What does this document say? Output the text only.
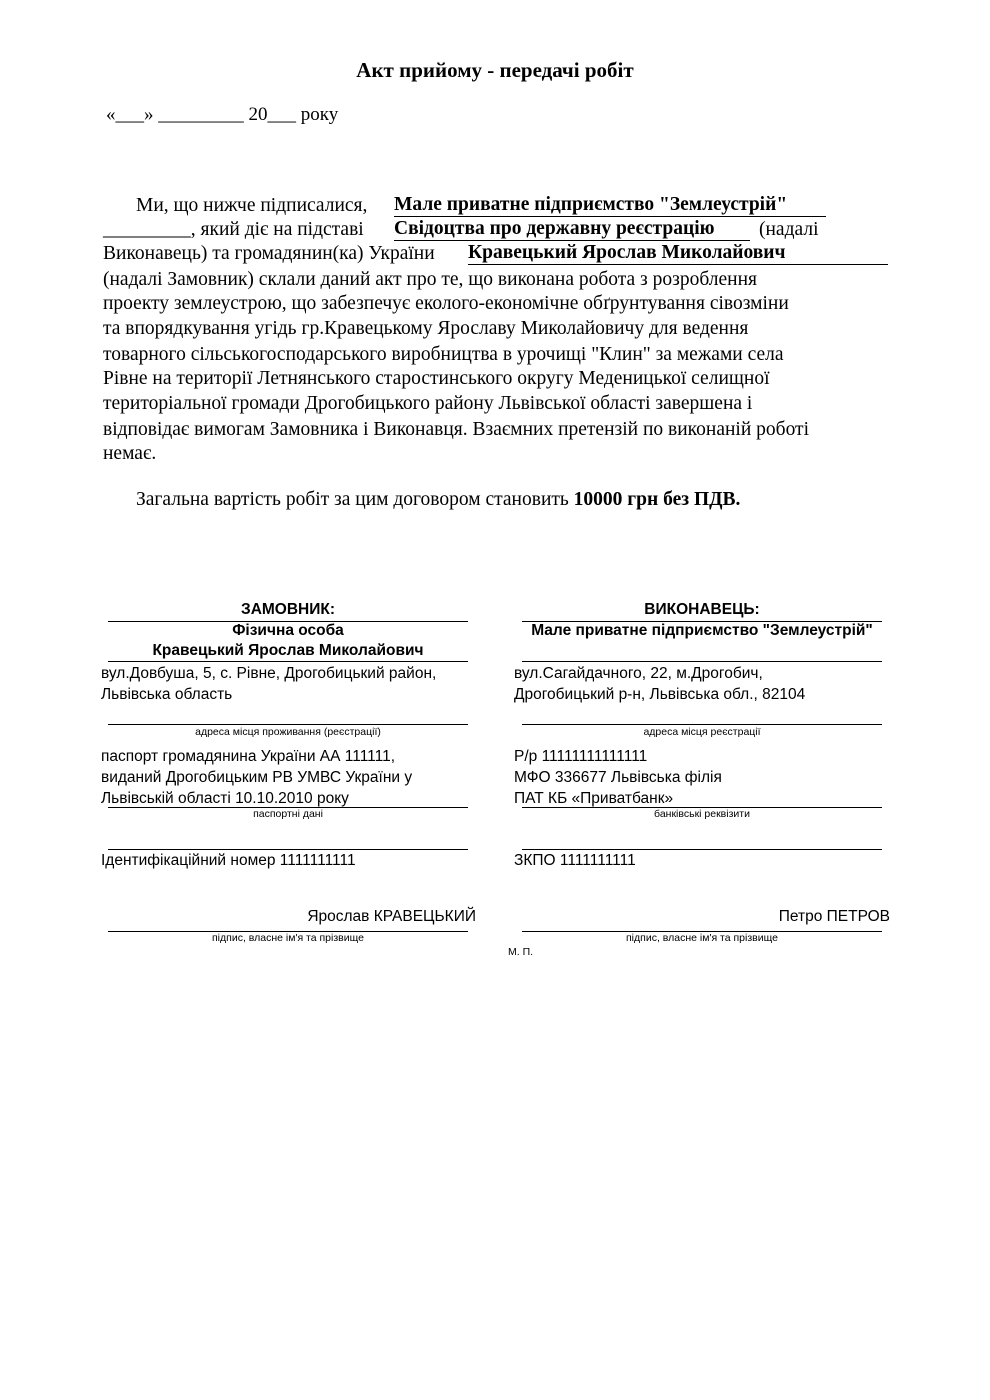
Акт прийому - передачі робіт
«___» _________ 20___ року
Ми, що нижче підписалися, Мале приватне підприємство "Землеустрій"
_________, який діє на підставі Свідоцтва про державну реєстрацію	(надалі
Виконавець) та громадянин(ка) України Кравецький Ярослав Миколайович
(надалі Замовник) склали даний акт про те, що виконана робота з розроблення
проекту землеустрою, що забезпечує еколого-економічне обґрунтування сівозміни
та впорядкування угідь гр.Кравецькому Ярославу Миколайовичу для ведення
товарного сільськогосподарського виробництва в урочищі "Клин" за межами села
Рівне на території Летнянського старостинського округу Меденицької селищної
територіальної громади Дрогобицького району Львівської області завершена і
відповідає вимогам Замовника і Виконавця. Взаємних претензій по виконаній роботі
немає.
Загальна вартість робіт за цим договором становить 10000 грн без ПДВ.
ЗАМОВНИК:
Фізична особа
Кравецький Ярослав Миколайович
вул.Довбуша, 5, с. Рівне, Дрогобицький район,
Львівська область
адреса місця проживання (реєстрації)
паспорт громадянина України АА 111111,
виданий Дрогобицьким РВ УМВС України у
Львівській області 10.10.2010 року
паспортні дані
Ідентифікаційний номер 1111111111
Ярослав КРАВЕЦЬКИЙ
підпис, власне ім'я та прізвище
ВИКОНАВЕЦЬ:
Мале приватне підприємство "Землеустрій"
вул.Сагайдачного, 22, м.Дрогобич,
Дрогобицький р-н, Львівська обл., 82104
адреса місця реєстрації
Р/р 11111111111111
МФО 336677 Львівська філія
ПАТ КБ «Приватбанк»
банківські реквізити
ЗКПО 1111111111
Петро ПЕТРОВ
підпис, власне ім'я та прізвище
М. П.
